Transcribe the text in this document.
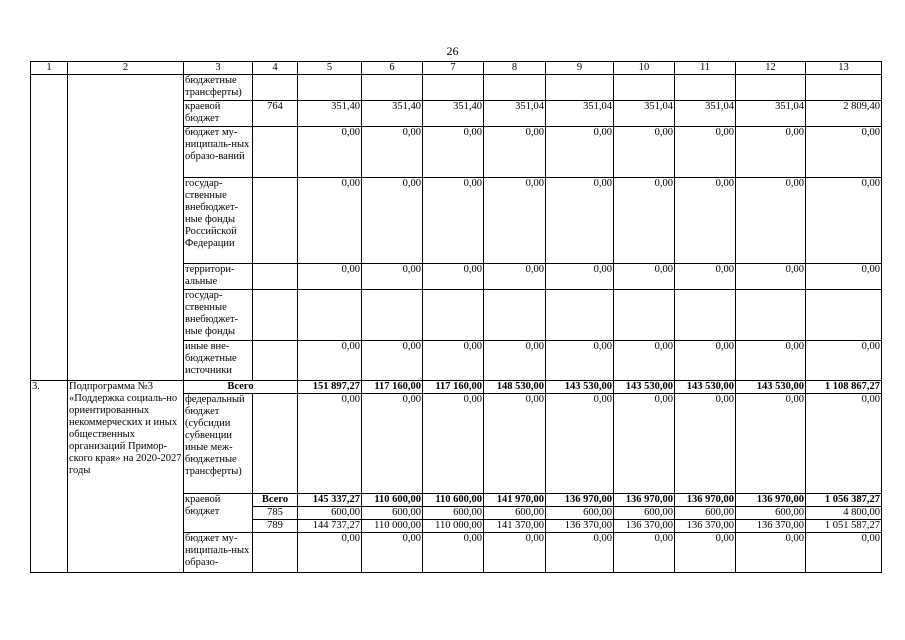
26
1	2	3	4	5	6	7	8	9	10	11	12	13
		бюджетные трансферты)										
		краевой бюджет	764	351,40	351,40	351,40	351,04	351,04	351,04	351,04	351,04	2 809,40
		бюджет му-ниципаль-ных образо-ваний		0,00	0,00	0,00	0,00	0,00	0,00	0,00	0,00	0,00
		государ-ственные внебюджет-ные фонды Российской Федерации		0,00	0,00	0,00	0,00	0,00	0,00	0,00	0,00	0,00
		территори-альные		0,00	0,00	0,00	0,00	0,00	0,00	0,00	0,00	0,00
		государ-ственные внебюджет-ные фонды										
		иные вне-бюджетные источники		0,00	0,00	0,00	0,00	0,00	0,00	0,00	0,00	0,00
3.	Подпрограмма №3 «Поддержка социаль-но ориентированных некоммерческих и иных общественных организаций Примор-ского края» на 2020-2027 годы	Всего		151 897,27	117 160,00	117 160,00	148 530,00	143 530,00	143 530,00	143 530,00	143 530,00	1 108 867,27
		федеральный бюджет (субсидии субвенции иные меж-бюджетные трансферты)		0,00	0,00	0,00	0,00	0,00	0,00	0,00	0,00	0,00
		краевой бюджет	Всего	145 337,27	110 600,00	110 600,00	141 970,00	136 970,00	136 970,00	136 970,00	136 970,00	1 056 387,27
			785	600,00	600,00	600,00	600,00	600,00	600,00	600,00	600,00	4 800,00
			789	144 737,27	110 000,00	110 000,00	141 370,00	136 370,00	136 370,00	136 370,00	136 370,00	1 051 587,27
		бюджет му-ниципаль-ных образо-		0,00	0,00	0,00	0,00	0,00	0,00	0,00	0,00	0,00
